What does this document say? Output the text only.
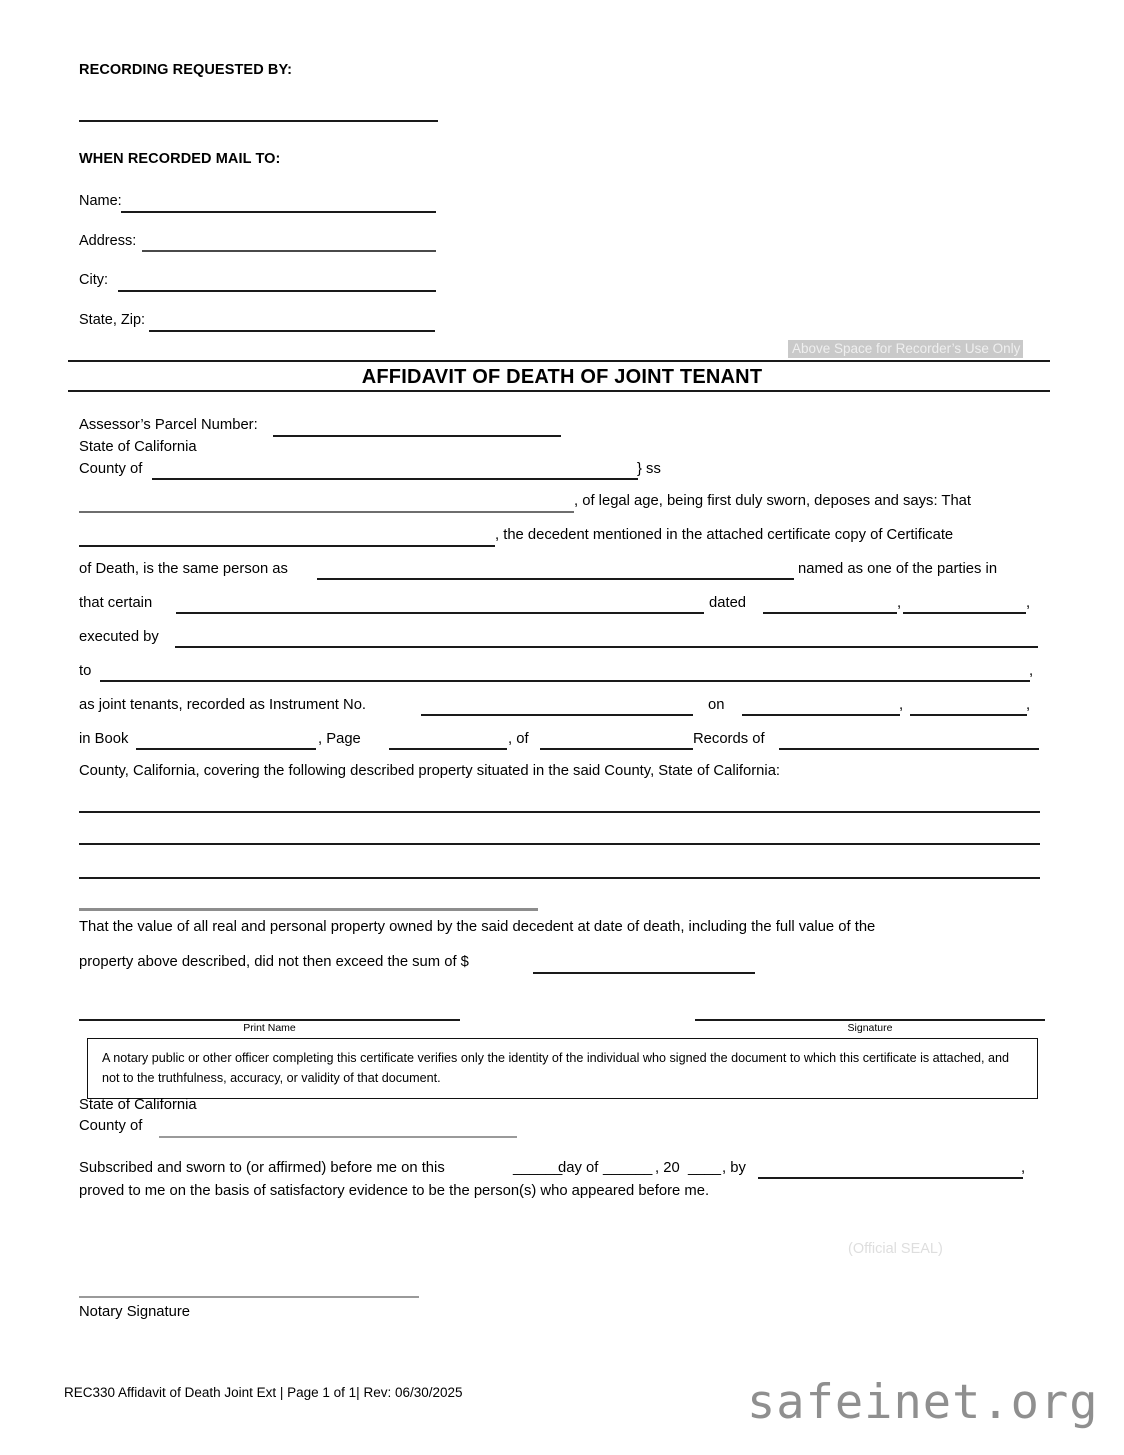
RECORDING REQUESTED BY:
WHEN RECORDED MAIL TO:
Name:
Address:
City:
State, Zip:
Above Space for Recorder’s Use Only
AFFIDAVIT OF DEATH OF JOINT TENANT
Assessor’s Parcel Number:
State of California
County of	} ss
, of legal age, being first duly sworn, deposes and says: That
, the decedent mentioned in the attached certificate copy of Certificate
of Death, is the same person as	named as one of the parties in
that certain	dated	,	,
executed by
to	,
as joint tenants, recorded as Instrument No.	on	,	,
in Book	, Page	, of	Records of
County, California, covering the following described property situated in the said County, State of California:
That the value of all real and personal property owned by the said decedent at date of death, including the full value of the
property above described, did not then exceed the sum of $
Print Name	Signature

A notary public or other officer completing this certificate verifies only the identity of the individual who signed the document to which this certificate is attached, and not to the truthfulness, accuracy, or validity of that document.

State of California
County of
Subscribed and sworn to (or affirmed) before me on this	______
day of ______ , 20 ____ , by	,
proved to me on the basis of satisfactory evidence to be the person(s) who appeared before me.
(Official SEAL)
Notary Signature
REC330 Affidavit of Death Joint Ext | Page 1 of 1| Rev: 06/30/2025	safeinet.org
